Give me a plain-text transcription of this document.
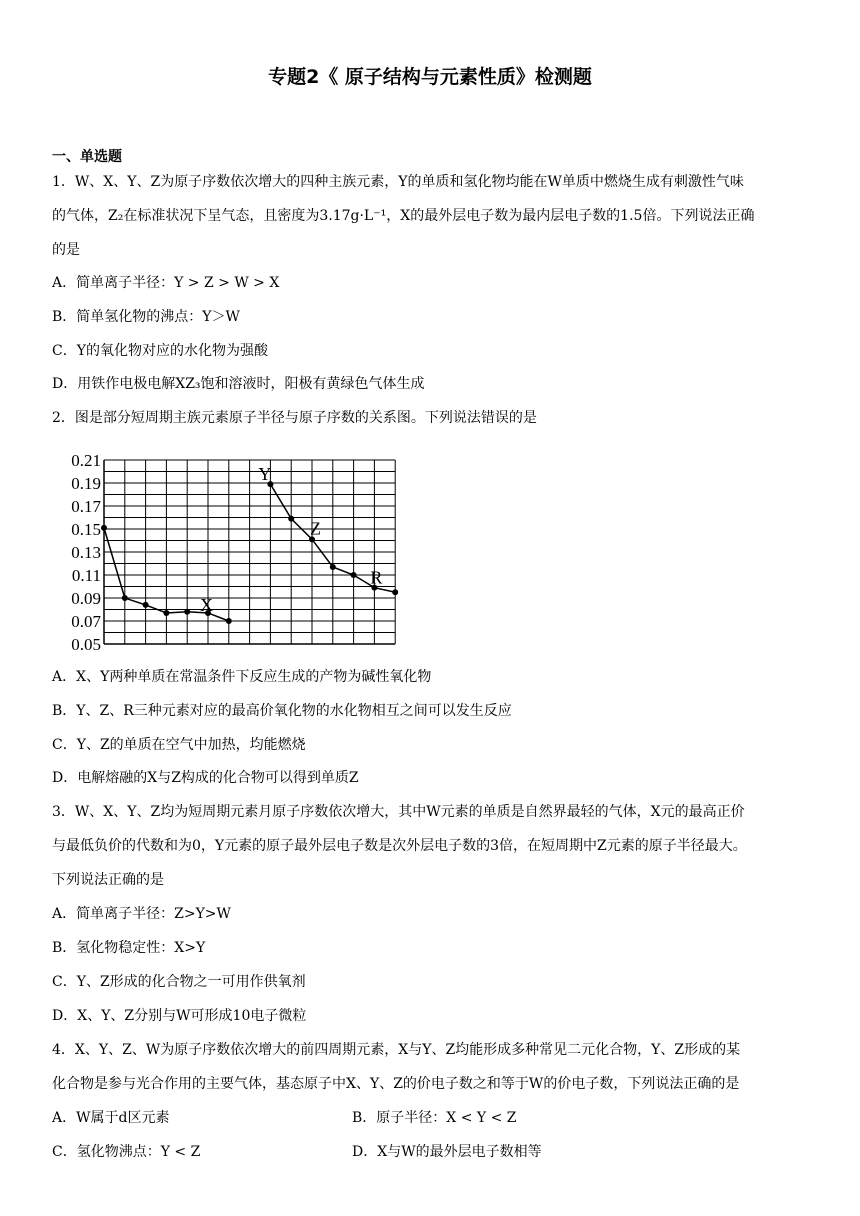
专题2《 原子结构与元素性质》检测题
一、单选题
1．W、X、Y、Z为原子序数依次增大的四种主族元素，Y的单质和氢化物均能在W单质中燃烧生成有刺激性气味
的气体，Z₂在标准状况下呈气态，且密度为3.17g·L⁻¹，X的最外层电子数为最内层电子数的1.5倍。下列说法正确
的是
A．简单离子半径：Y > Z > W > X
B．简单氢化物的沸点：Y＞W
C．Y的氧化物对应的水化物为强酸
D．用铁作电极电解XZ₃饱和溶液时，阳极有黄绿色气体生成
2．图是部分短周期主族元素原子半径与原子序数的关系图。下列说法错误的是
0.21
0.19
0.17
0.15
0.13
0.11
0.09
0.07
0.05
X
Y
Z
R
A．X、Y两种单质在常温条件下反应生成的产物为碱性氧化物
B．Y、Z、R三种元素对应的最高价氧化物的水化物相互之间可以发生反应
C．Y、Z的单质在空气中加热，均能燃烧
D．电解熔融的X与Z构成的化合物可以得到单质Z
3．W、X、Y、Z均为短周期元素月原子序数依次增大，其中W元素的单质是自然界最轻的气体，X元的最高正价
与最低负价的代数和为0，Y元素的原子最外层电子数是次外层电子数的3倍，在短周期中Z元素的原子半径最大。
下列说法正确的是
A．简单离子半径：Z>Y>W
B．氢化物稳定性：X>Y
C．Y、Z形成的化合物之一可用作供氧剂
D．X、Y、Z分别与W可形成10电子微粒
4．X、Y、Z、W为原子序数依次增大的前四周期元素，X与Y、Z均能形成多种常见二元化合物，Y、Z形成的某
化合物是参与光合作用的主要气体，基态原子中X、Y、Z的价电子数之和等于W的价电子数，下列说法正确的是
A．W属于d区元素	B．原子半径：X < Y < Z
C．氢化物沸点：Y < Z	D．X与W的最外层电子数相等
